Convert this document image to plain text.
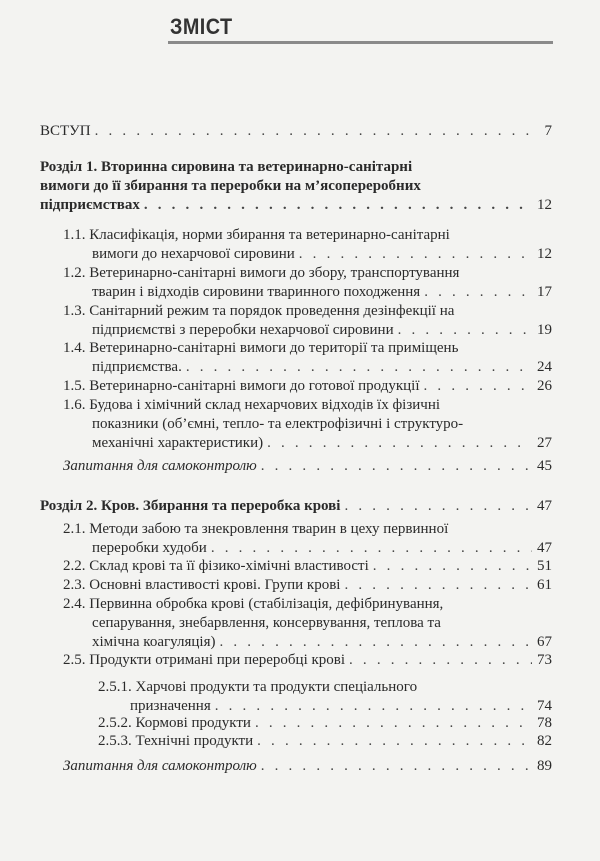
ЗМІСТ
ВСТУП . . .	7
Розділ 1. Вторинна сировина та ветеринарно-санітарні
вимоги до її збирання та переробки на м’ясопереробних
підприємствах . . .	12
1.1. Класифікація, норми збирання та ветеринарно-санітарні
вимоги до нехарчової сировини . . .	12
1.2. Ветеринарно-санітарні вимоги до збору, транспортування
тварин і відходів сировини тваринного походження . . .	17
1.3. Санітарний режим та порядок проведення дезінфекції на
підприємстві з переробки нехарчової сировини . . .	19
1.4. Ветеринарно-санітарні вимоги до території та приміщень
підприємства. . . .	24
1.5. Ветеринарно-санітарні вимоги до готової продукції . . .	26
1.6. Будова і хімічний склад нехарчових відходів їх фізичні
показники (об’ємні, тепло- та електрофізичні і структуро-
механічні характеристики) . . .	27
Запитання для самоконтролю . . .	45
Розділ 2. Кров. Збирання та переробка крові . . .	47
2.1. Методи забою та знекровлення тварин в цеху первинної
переробки худоби . . .	47
2.2. Склад крові та її фізико-хімічні властивості . . .	51
2.3. Основні властивості крові. Групи крові . . .	61
2.4. Первинна обробка крові (стабілізація, дефібринування,
сепарування, знебарвлення, консервування, теплова та
хімічна коагуляція) . . .	67
2.5. Продукти отримані при переробці крові . . .	73
2.5.1. Харчові продукти та продукти спеціального
призначення . . .	74
2.5.2. Кормові продукти . . .	78
2.5.3. Технічні продукти . . .	82
Запитання для самоконтролю . . .	89
